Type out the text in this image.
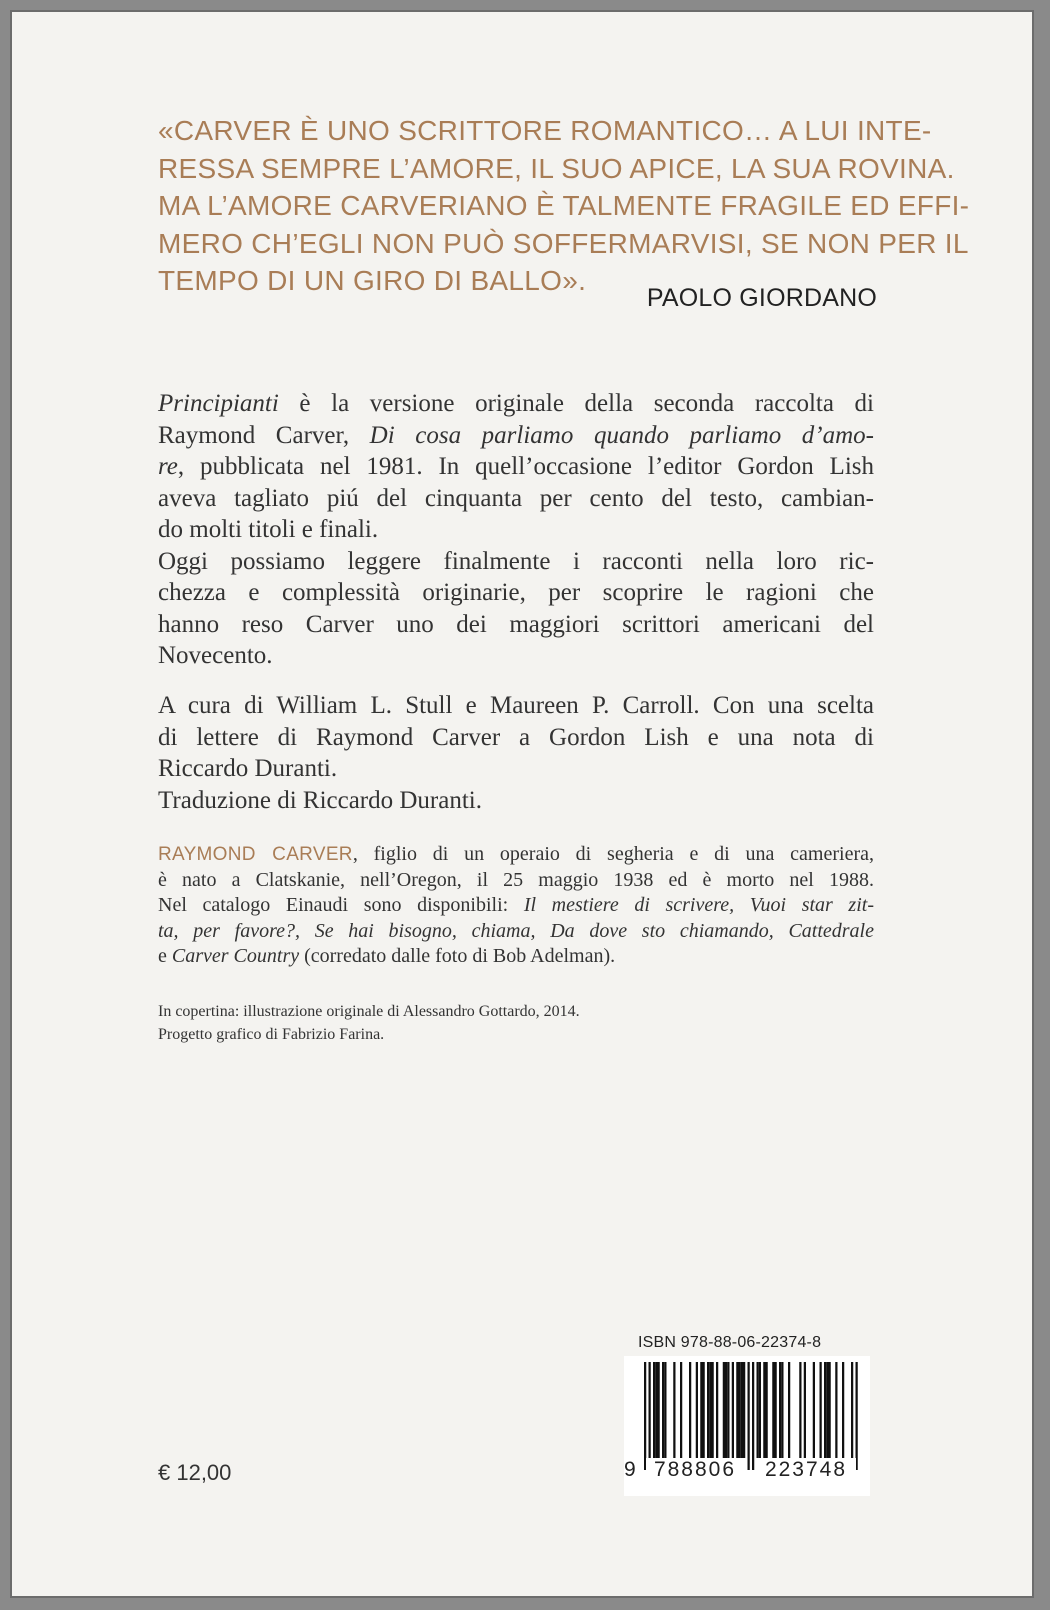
«CARVER È UNO SCRITTORE ROMANTICO… A LUI INTE-
RESSA SEMPRE L’AMORE, IL SUO APICE, LA SUA ROVINA.
MA L’AMORE CARVERIANO È TALMENTE FRAGILE ED EFFI-
MERO CH’EGLI NON PUÒ SOFFERMARVISI, SE NON PER IL
TEMPO DI UN GIRO DI BALLO».
PAOLO GIORDANO
Principianti è la versione originale della seconda raccolta di
Raymond Carver, Di cosa parliamo quando parliamo d’amo-
re, pubblicata nel 1981. In quell’occasione l’editor Gordon Lish
aveva tagliato piú del cinquanta per cento del testo, cambian-
do molti titoli e finali.
Oggi possiamo leggere finalmente i racconti nella loro ric-
chezza e complessità originarie, per scoprire le ragioni che
hanno reso Carver uno dei maggiori scrittori americani del
Novecento.
A cura di William L. Stull e Maureen P. Carroll. Con una scelta
di lettere di Raymond Carver a Gordon Lish e una nota di
Riccardo Duranti.
Traduzione di Riccardo Duranti.
RAYMOND CARVER, figlio di un operaio di segheria e di una cameriera,
è nato a Clatskanie, nell’Oregon, il 25 maggio 1938 ed è morto nel 1988.
Nel catalogo Einaudi sono disponibili: Il mestiere di scrivere, Vuoi star zit-
ta, per favore?, Se hai bisogno, chiama, Da dove sto chiamando, Cattedrale
e Carver Country (corredato dalle foto di Bob Adelman).
In copertina: illustrazione originale di Alessandro Gottardo, 2014.
Progetto grafico di Fabrizio Farina.
€ 12,00
ISBN 978-88-06-22374-8
9 788806	223748
